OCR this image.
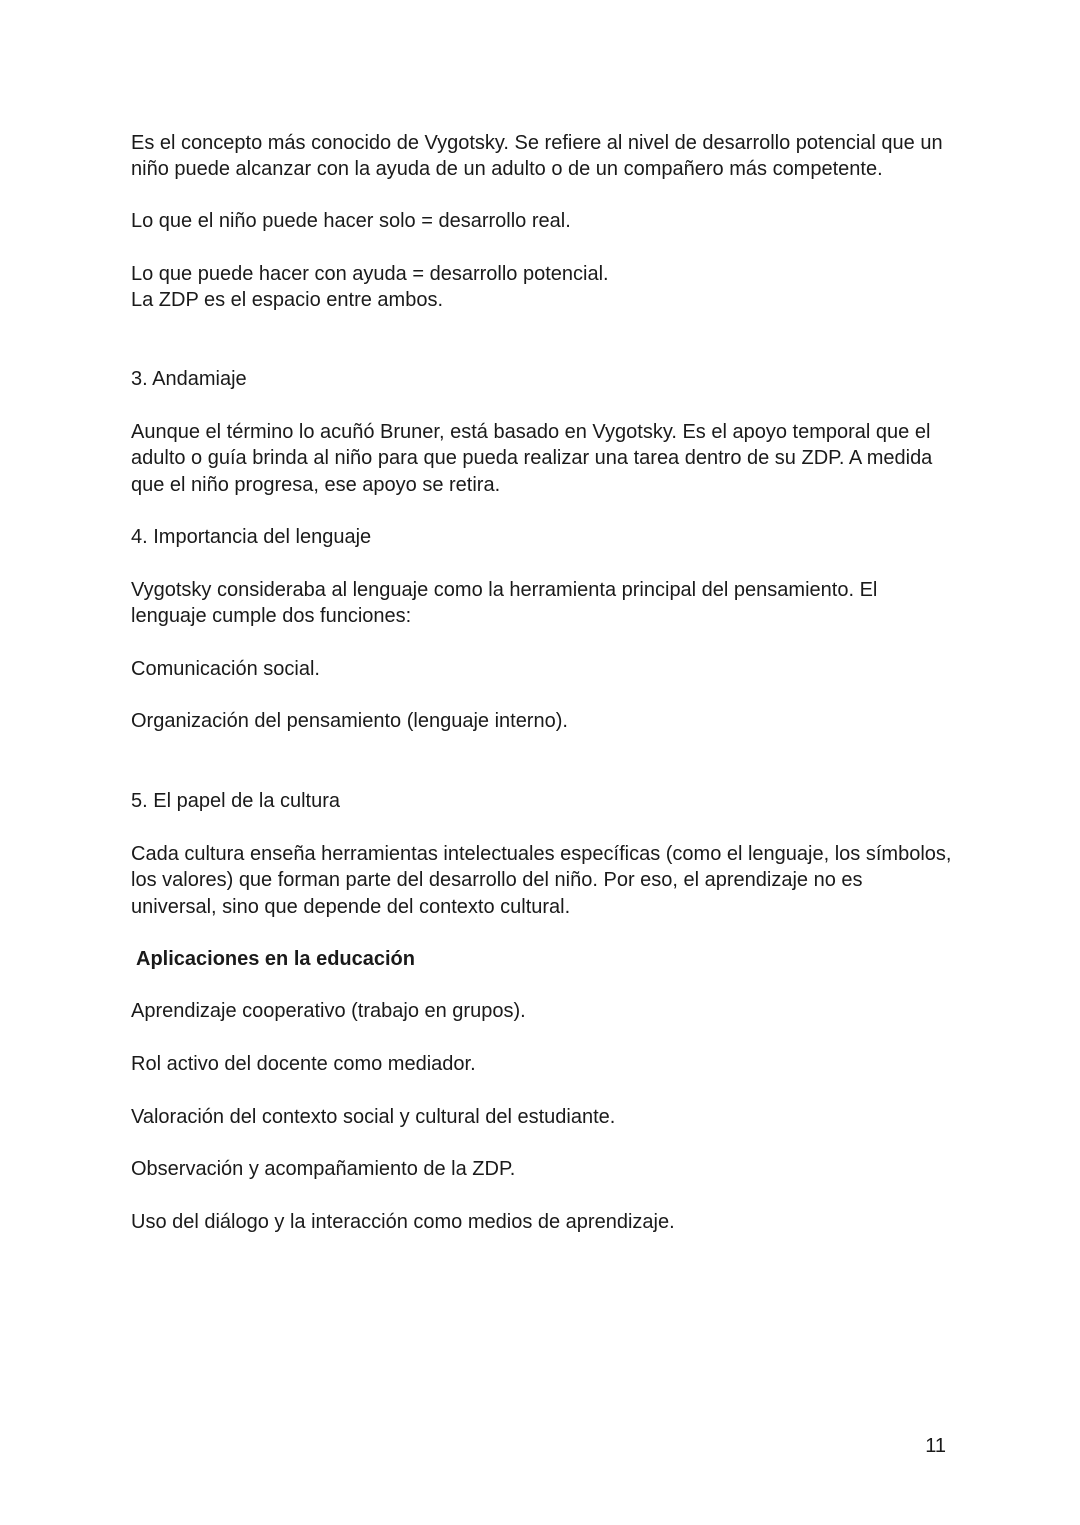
Es el concepto más conocido de Vygotsky. Se refiere al nivel de desarrollo potencial que un

niño puede alcanzar con la ayuda de un adulto o de un compañero más competente.

Lo que el niño puede hacer solo = desarrollo real.

Lo que puede hacer con ayuda = desarrollo potencial.

La ZDP es el espacio entre ambos.

3. Andamiaje

Aunque el término lo acuñó Bruner, está basado en Vygotsky. Es el apoyo temporal que el

adulto o guía brinda al niño para que pueda realizar una tarea dentro de su ZDP. A medida

que el niño progresa, ese apoyo se retira.

4. Importancia del lenguaje

Vygotsky consideraba al lenguaje como la herramienta principal del pensamiento. El

lenguaje cumple dos funciones:

Comunicación social.

Organización del pensamiento (lenguaje interno).

5. El papel de la cultura

Cada cultura enseña herramientas intelectuales específicas (como el lenguaje, los símbolos,

los valores) que forman parte del desarrollo del niño. Por eso, el aprendizaje no es

universal, sino que depende del contexto cultural.

Aplicaciones en la educación

Aprendizaje cooperativo (trabajo en grupos).

Rol activo del docente como mediador.

Valoración del contexto social y cultural del estudiante.

Observación y acompañamiento de la ZDP.

Uso del diálogo y la interacción como medios de aprendizaje.

11
